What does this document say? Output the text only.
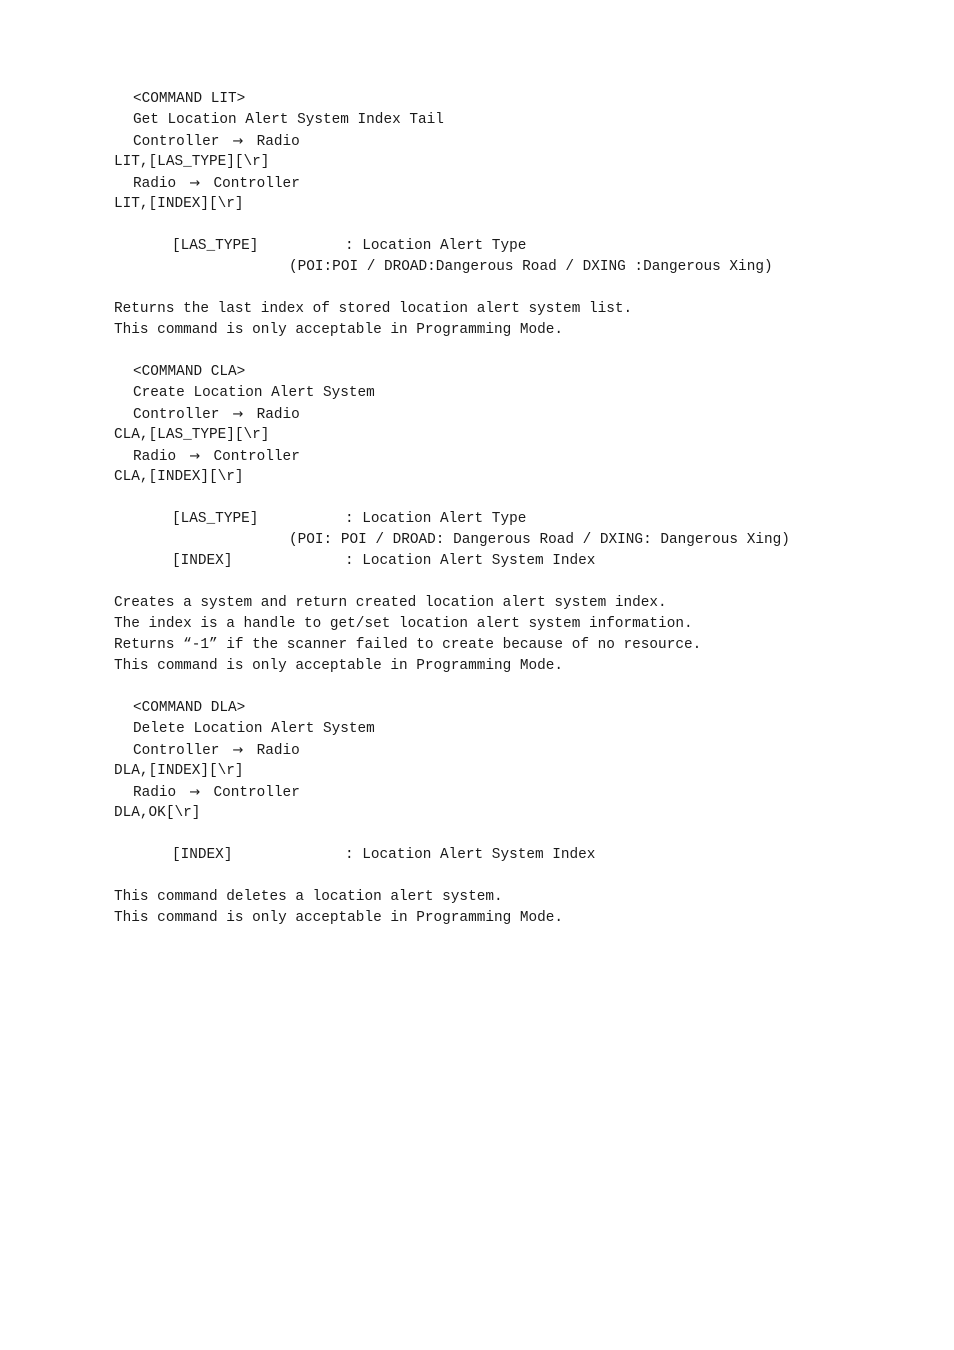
<COMMAND LIT>
Get Location Alert System Index Tail
Controller → Radio
LIT,[LAS_TYPE][\r]
Radio → Controller
LIT,[INDEX][\r]
[LAS_TYPE]	: Location Alert Type
(POI:POI / DROAD:Dangerous Road / DXING :Dangerous Xing)
Returns the last index of stored location alert system list.
This command is only acceptable in Programming Mode.
<COMMAND CLA>
Create Location Alert System
Controller → Radio
CLA,[LAS_TYPE][\r]
Radio → Controller
CLA,[INDEX][\r]
[LAS_TYPE]	: Location Alert Type
(POI: POI / DROAD: Dangerous Road / DXING: Dangerous Xing)
[INDEX]	: Location Alert System Index
Creates a system and return created location alert system index.
The index is a handle to get/set location alert system information.
Returns “-1” if the scanner failed to create because of no resource.
This command is only acceptable in Programming Mode.
<COMMAND DLA>
Delete Location Alert System
Controller → Radio
DLA,[INDEX][\r]
Radio → Controller
DLA,OK[\r]
[INDEX]	: Location Alert System Index
This command deletes a location alert system.
This command is only acceptable in Programming Mode.
